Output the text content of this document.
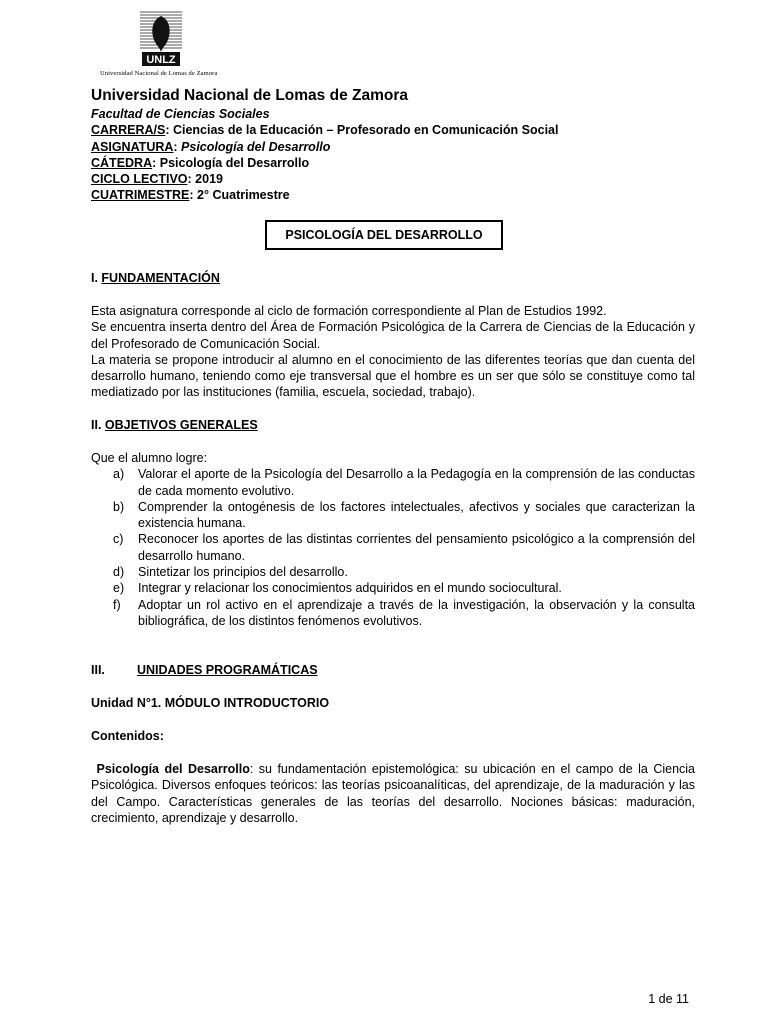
UNLZ
Universidad Nacional de Lomas de Zamora
Universidad Nacional de Lomas de Zamora
Facultad de Ciencias Sociales
CARRERA/S: Ciencias de la Educación – Profesorado en Comunicación Social
ASIGNATURA: Psicología del Desarrollo
CÁTEDRA: Psicología del Desarrollo
CICLO LECTIVO: 2019
CUATRIMESTRE: 2° Cuatrimestre
PSICOLOGÍA DEL DESARROLLO
I. FUNDAMENTACIÓN

Esta asignatura corresponde al ciclo de formación correspondiente al Plan de Estudios 1992.

Se encuentra inserta dentro del Área de Formación Psicológica de la Carrera de Ciencias de la Educación y del Profesorado de Comunicación Social.

La materia se propone introducir al alumno en el conocimiento de las diferentes teorías que dan cuenta del desarrollo humano, teniendo como eje transversal que el hombre es un ser que sólo se constituye como tal mediatizado por las instituciones (familia, escuela, sociedad, trabajo).

II. OBJETIVOS GENERALES

Que el alumno logre:

a) Valorar el aporte de la Psicología del Desarrollo a la Pedagogía en la comprensión de las conductas de cada momento evolutivo.
b) Comprender la ontogénesis de los factores intelectuales, afectivos y sociales que caracterizan la existencia humana.
c) Reconocer los aportes de las distintas corrientes del pensamiento psicológico a la comprensión del desarrollo humano.
d) Sintetizar los principios del desarrollo.
e) Integrar y relacionar los conocimientos adquiridos en el mundo sociocultural.
f) Adoptar un rol activo en el aprendizaje a través de la investigación, la observación y la consulta bibliográfica, de los distintos fenómenos evolutivos.
III.	UNIDADES PROGRAMÁTICAS
Unidad N°1. MÓDULO INTRODUCTORIO
Contenidos:

Psicología del Desarrollo: su fundamentación epistemológica: su ubicación en el campo de la Ciencia Psicológica. Diversos enfoques teóricos: las teorías psicoanalíticas, del aprendizaje, de la maduración y las del Campo. Características generales de las teorías del desarrollo. Nociones básicas: maduración, crecimiento, aprendizaje y desarrollo.

1 de 11
